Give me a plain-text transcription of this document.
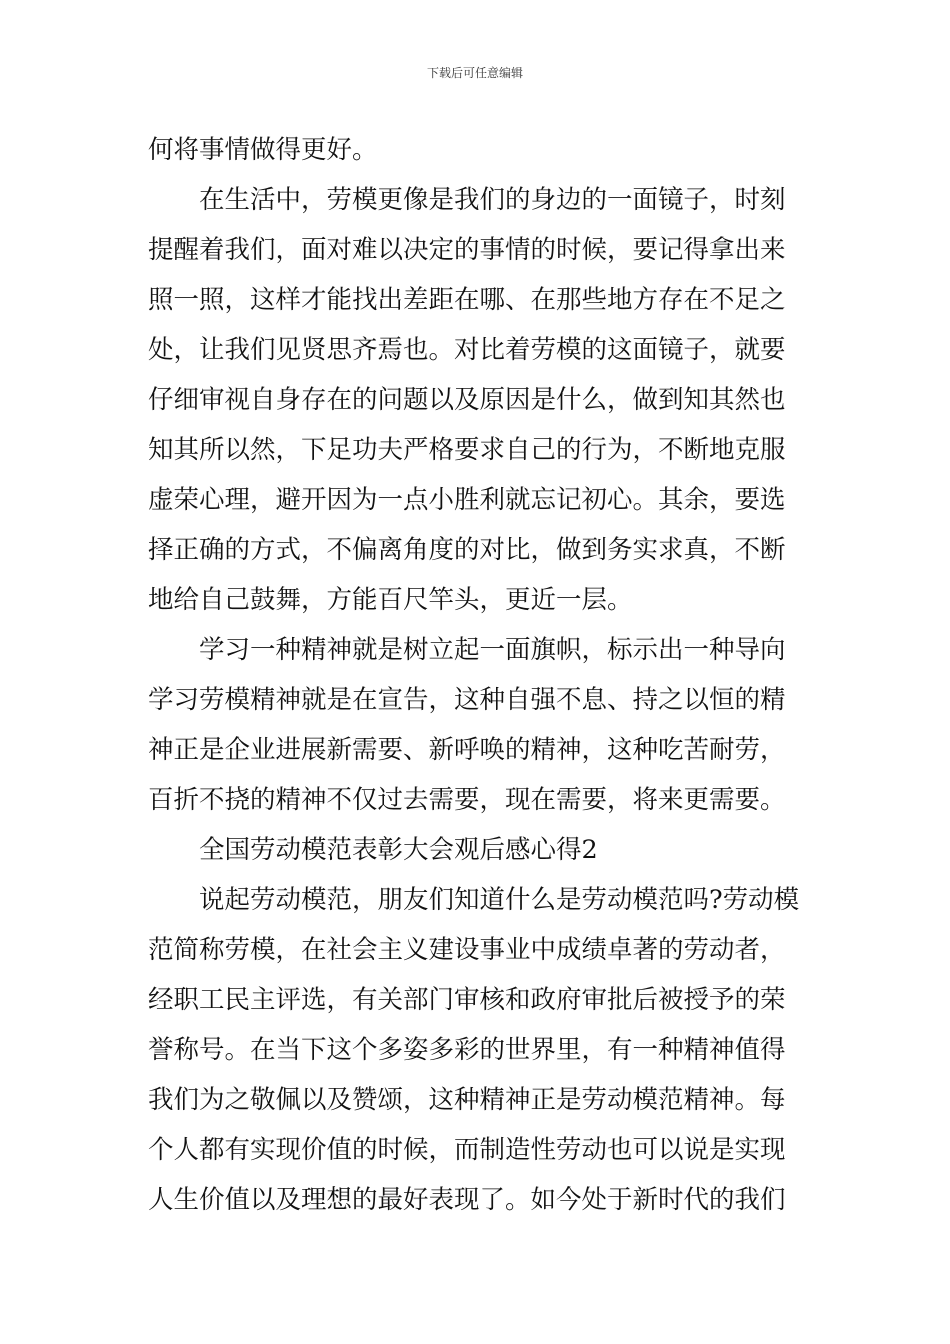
下载后可任意编辑
何将事情做得更好。
在生活中，劳模更像是我们的身边的一面镜子，时刻
提醒着我们，面对难以决定的事情的时候，要记得拿出来
照一照，这样才能找出差距在哪、在那些地方存在不足之
处，让我们见贤思齐焉也。对比着劳模的这面镜子，就要
仔细审视自身存在的问题以及原因是什么，做到知其然也
知其所以然，下足功夫严格要求自己的行为，不断地克服
虚荣心理，避开因为一点小胜利就忘记初心。其余，要选
择正确的方式，不偏离角度的对比，做到务实求真，不断
地给自己鼓舞，方能百尺竿头，更近一层。
学习一种精神就是树立起一面旗帜，标示出一种导向
学习劳模精神就是在宣告，这种自强不息、持之以恒的精
神正是企业进展新需要、新呼唤的精神，这种吃苦耐劳，
百折不挠的精神不仅过去需要，现在需要，将来更需要。
全国劳动模范表彰大会观后感心得2
说起劳动模范，朋友们知道什么是劳动模范吗?劳动模
范简称劳模，在社会主义建设事业中成绩卓著的劳动者，
经职工民主评选，有关部门审核和政府审批后被授予的荣
誉称号。在当下这个多姿多彩的世界里，有一种精神值得
我们为之敬佩以及赞颂，这种精神正是劳动模范精神。每
个人都有实现价值的时候，而制造性劳动也可以说是实现
人生价值以及理想的最好表现了。如今处于新时代的我们
